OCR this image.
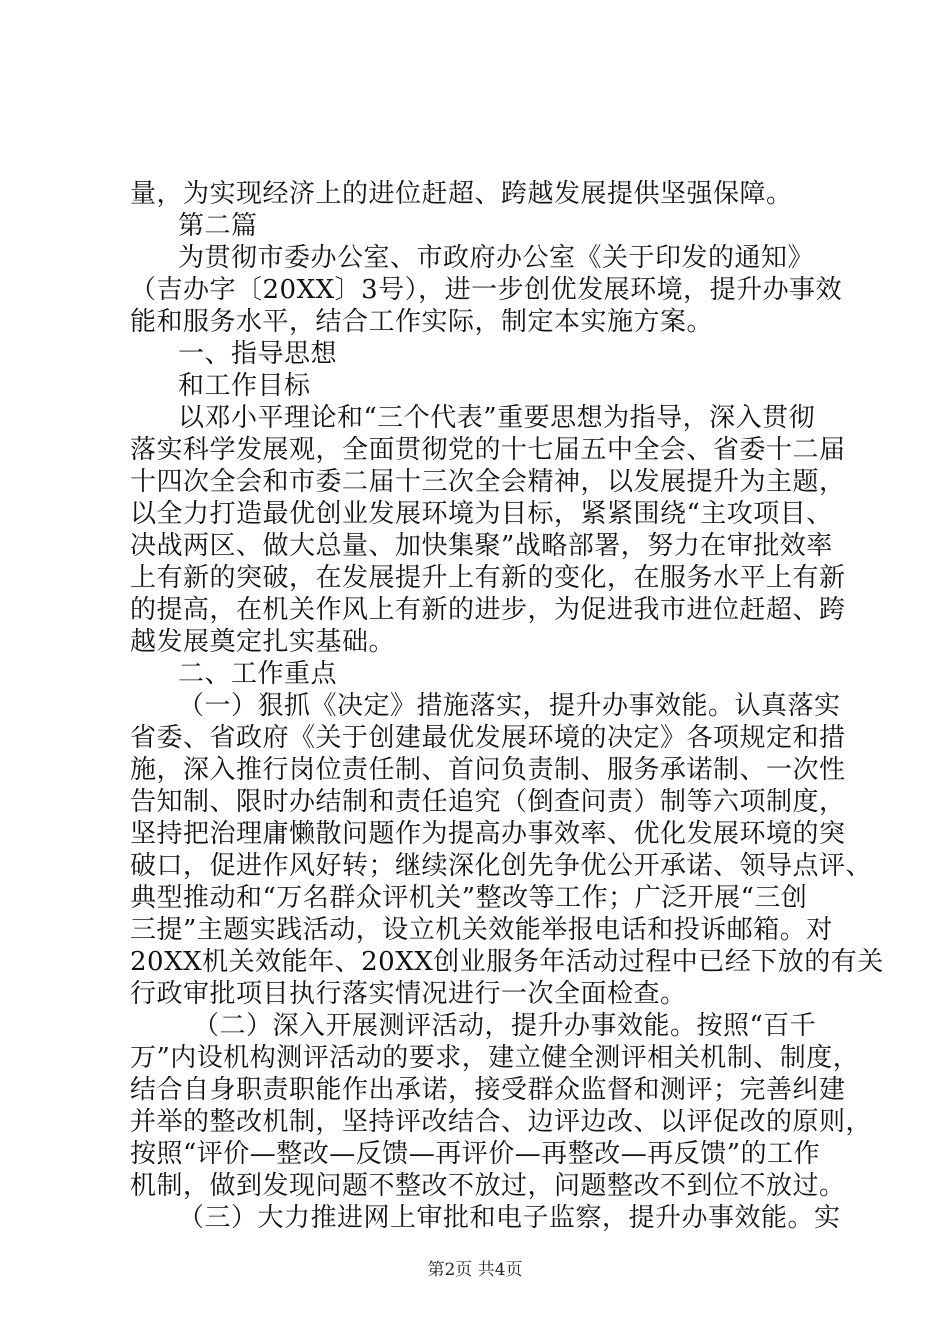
量，为实现经济上的进位赶超、跨越发展提供坚强保障。
第二篇
为贯彻市委办公室、市政府办公室《关于印发的通知》
（吉办字〔20XX〕3号），进一步创优发展环境，提升办事效
能和服务水平，结合工作实际，制定本实施方案。
一、指导思想
和工作目标
以邓小平理论和“三个代表”重要思想为指导，深入贯彻
落实科学发展观，全面贯彻党的十七届五中全会、省委十二届
十四次全会和市委二届十三次全会精神，以发展提升为主题，
以全力打造最优创业发展环境为目标，紧紧围绕“主攻项目、
决战两区、做大总量、加快集聚”战略部署，努力在审批效率
上有新的突破，在发展提升上有新的变化，在服务水平上有新
的提高，在机关作风上有新的进步，为促进我市进位赶超、跨
越发展奠定扎实基础。
二、工作重点
（一）狠抓《决定》措施落实，提升办事效能。认真落实
省委、省政府《关于创建最优发展环境的决定》各项规定和措
施，深入推行岗位责任制、首问负责制、服务承诺制、一次性
告知制、限时办结制和责任追究（倒查问责）制等六项制度，
坚持把治理庸懒散问题作为提高办事效率、优化发展环境的突
破口，促进作风好转；继续深化创先争优公开承诺、领导点评、
典型推动和“万名群众评机关”整改等工作；广泛开展“三创
三提”主题实践活动，设立机关效能举报电话和投诉邮箱。对
20XX机关效能年、20XX创业服务年活动过程中已经下放的有关
行政审批项目执行落实情况进行一次全面检查。
（二）深入开展测评活动，提升办事效能。按照“百千
万”内设机构测评活动的要求，建立健全测评相关机制、制度，
结合自身职责职能作出承诺，接受群众监督和测评；完善纠建
并举的整改机制，坚持评改结合、边评边改、以评促改的原则，
按照“评价—整改—反馈—再评价—再整改—再反馈”的工作
机制，做到发现问题不整改不放过，问题整改不到位不放过。
（三）大力推进网上审批和电子监察，提升办事效能。实
第2页 共4页
